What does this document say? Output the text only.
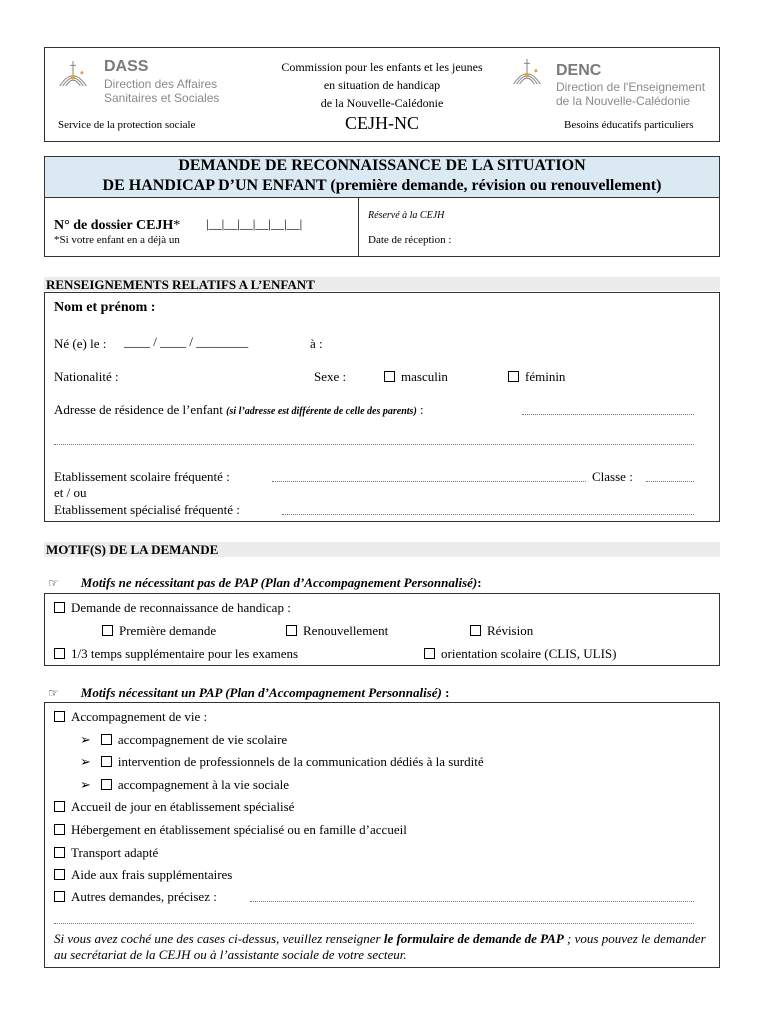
DASS
Direction des Affaires
Sanitaires et Sociales
Service de la protection sociale
Commission pour les enfants et les jeunes
en situation de handicap
de la Nouvelle-Calédonie
CEJH-NC
DENC
Direction de l'Enseignement
de la Nouvelle-Calédonie
Besoins éducatifs particuliers
DEMANDE DE RECONNAISSANCE DE LA SITUATION
DE HANDICAP D’UN ENFANT (première demande, révision ou renouvellement)
N° de dossier CEJH* |__|__|__|__|__|__|
*Si votre enfant en a déjà un
Réservé à la CEJH
Date de réception :
RENSEIGNEMENTS RELATIFS A L’ENFANT
Nom et prénom :
Né (e) le : ____ / ____ / ________	à :
Nationalité :	Sexe :	masculin	féminin
Adresse de résidence de l’enfant (si l’adresse est différente de celle des parents) :
Etablissement scolaire fréquenté :	Classe :
et / ou
Etablissement spécialisé fréquenté :
MOTIF(S) DE LA DEMANDE
☞ Motifs ne nécessitant pas de PAP (Plan d’Accompagnement Personnalisé):
Demande de reconnaissance de handicap :
Première demande	Renouvellement	Révision
1/3 temps supplémentaire pour les examens	orientation scolaire (CLIS, ULIS)
☞ Motifs nécessitant un PAP (Plan d’Accompagnement Personnalisé) :
Accompagnement de vie :
➢ accompagnement de vie scolaire
➢ intervention de professionnels de la communication dédiés à la surdité
➢ accompagnement à la vie sociale
Accueil de jour en établissement spécialisé
Hébergement en établissement spécialisé ou en famille d’accueil
Transport adapté
Aide aux frais supplémentaires
Autres demandes, précisez :
Si vous avez coché une des cases ci-dessus, veuillez renseigner le formulaire de demande de PAP ; vous pouvez le demander au secrétariat de la CEJH ou à l’assistante sociale de votre secteur.
